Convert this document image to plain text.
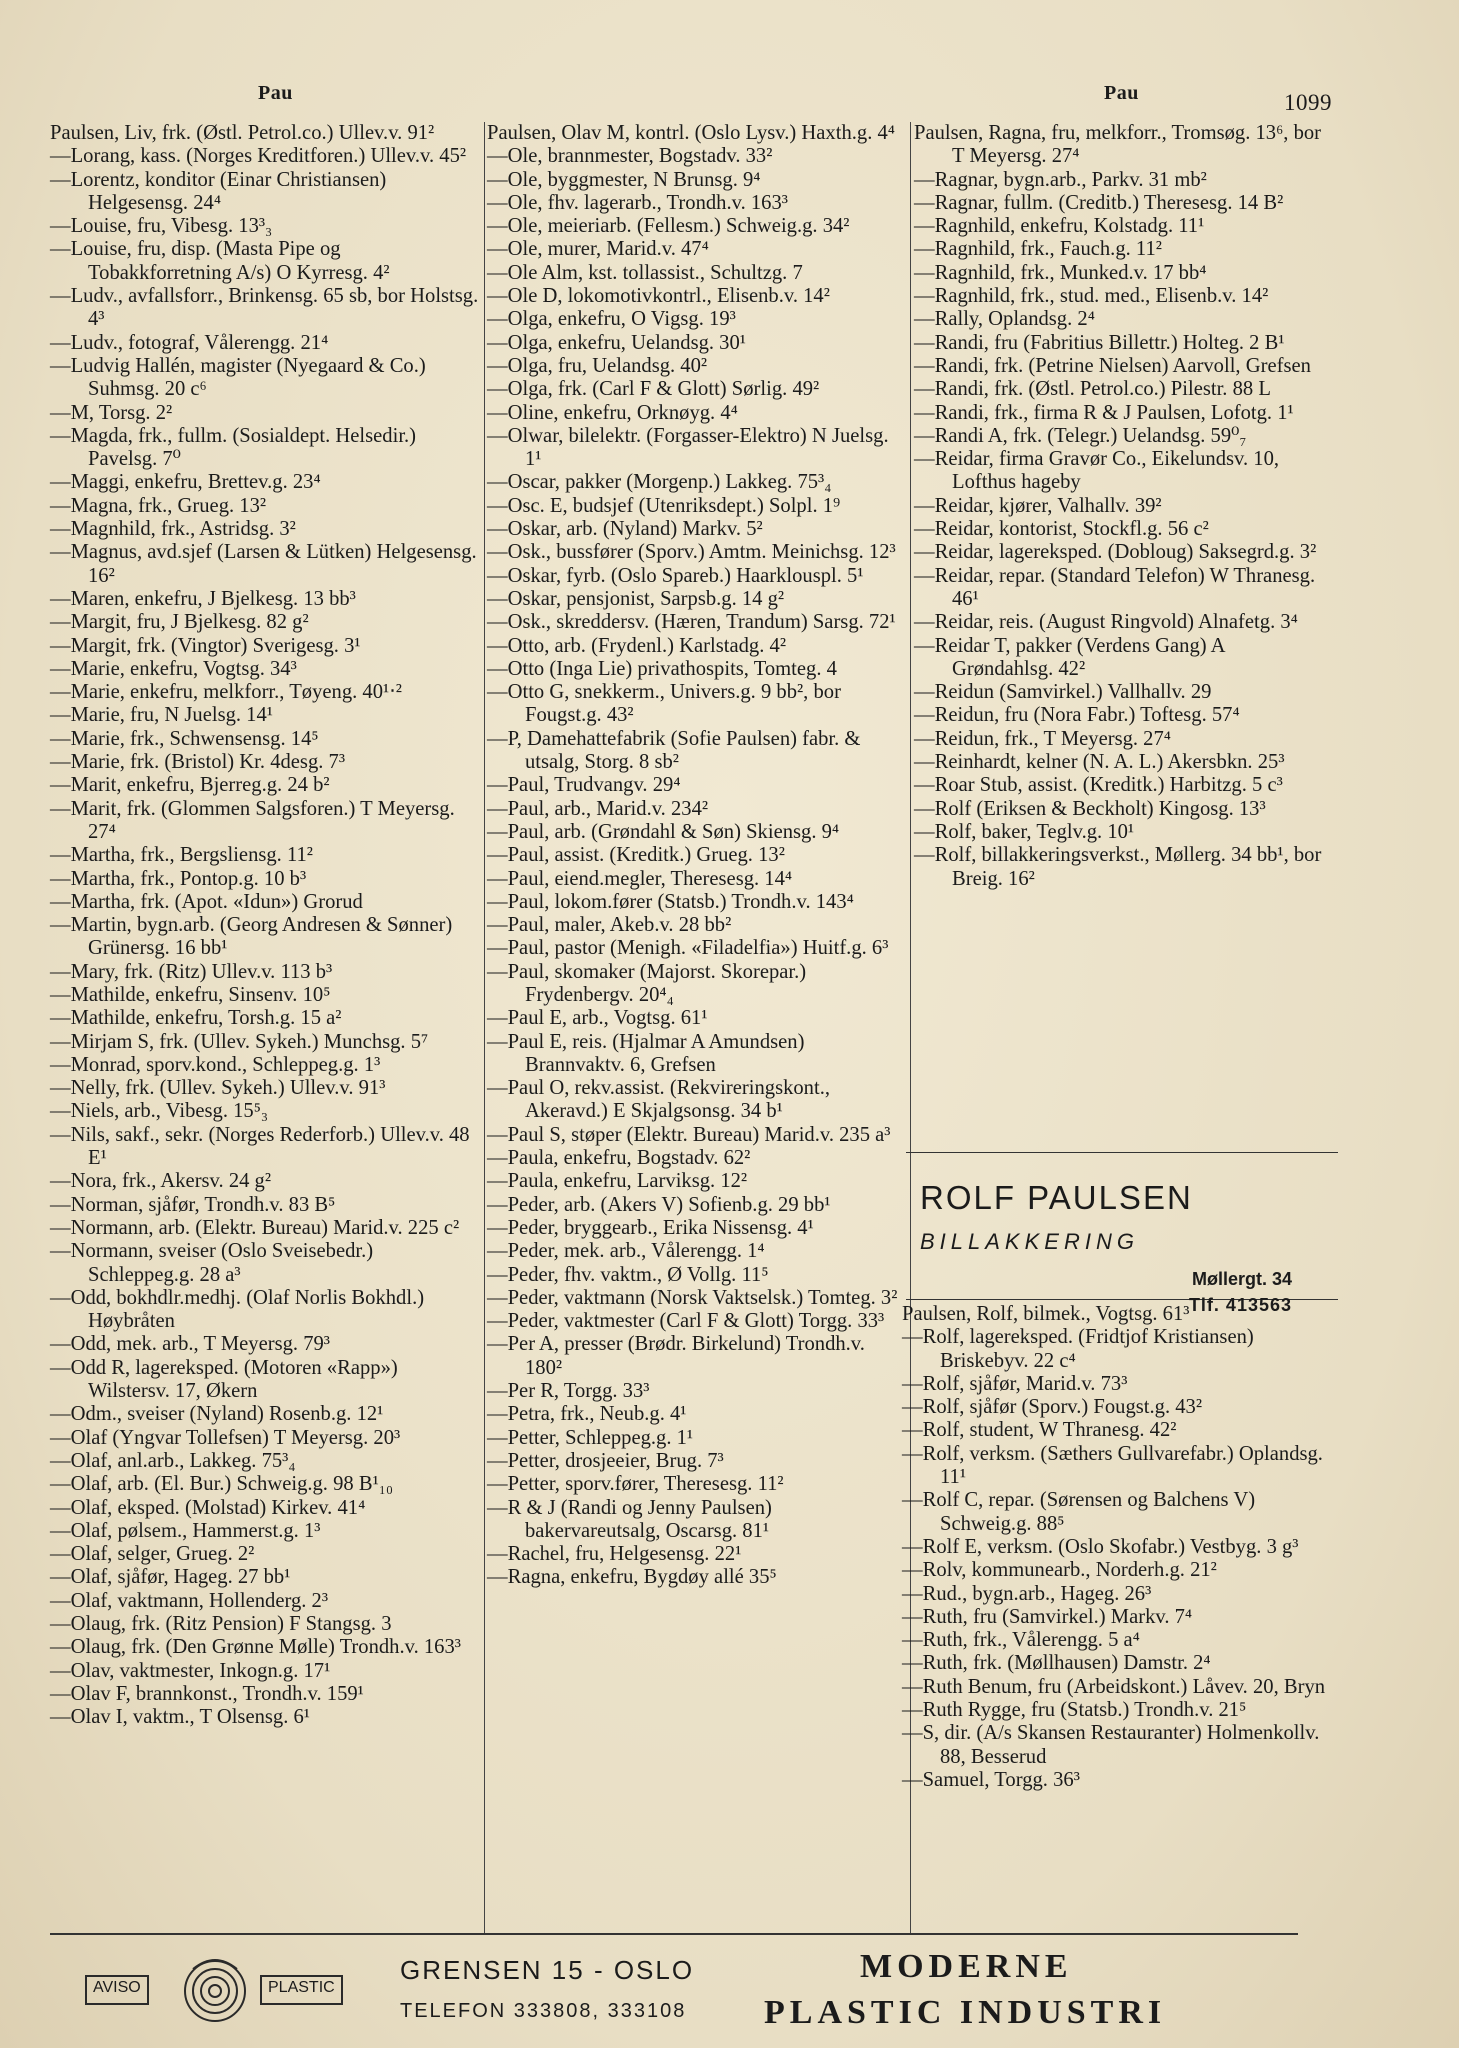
Pau	Pau	1099

Paulsen, Liv, frk. (Østl. Petrol.co.) Ullev.v. 91²

—Lorang, kass. (Norges Kreditforen.) Ullev.v. 45²

—Lorentz, konditor (Einar Christiansen) Helgesensg. 24⁴

—Louise, fru, Vibesg. 13³₃

—Louise, fru, disp. (Masta Pipe og Tobakkforretning A/s) O Kyrresg. 4²

—Ludv., avfallsforr., Brinkensg. 65 sb, bor Holstsg. 4³

—Ludv., fotograf, Vålerengg. 21⁴

—Ludvig Hallén, magister (Nyegaard & Co.) Suhmsg. 20 c⁶

—M, Torsg. 2²

—Magda, frk., fullm. (Sosialdept. Helsedir.) Pavelsg. 7⁰

—Maggi, enkefru, Brettev.g. 23⁴

—Magna, frk., Grueg. 13²

—Magnhild, frk., Astridsg. 3²

—Magnus, avd.sjef (Larsen & Lütken) Helgesensg. 16²

—Maren, enkefru, J Bjelkesg. 13 bb³

—Margit, fru, J Bjelkesg. 82 g²

—Margit, frk. (Vingtor) Sverigesg. 3¹

—Marie, enkefru, Vogtsg. 34³

—Marie, enkefru, melkforr., Tøyeng. 40¹‧²

—Marie, fru, N Juelsg. 14¹

—Marie, frk., Schwensensg. 14⁵

—Marie, frk. (Bristol) Kr. 4desg. 7³

—Marit, enkefru, Bjerreg.g. 24 b²

—Marit, frk. (Glommen Salgsforen.) T Meyersg. 27⁴

—Martha, frk., Bergsliensg. 11²

—Martha, frk., Pontop.g. 10 b³

—Martha, frk. (Apot. «Idun») Grorud

—Martin, bygn.arb. (Georg Andresen & Sønner) Grünersg. 16 bb¹

—Mary, frk. (Ritz) Ullev.v. 113 b³

—Mathilde, enkefru, Sinsenv. 10⁵

—Mathilde, enkefru, Torsh.g. 15 a²

—Mirjam S, frk. (Ullev. Sykeh.) Munchsg. 5⁷

—Monrad, sporv.kond., Schleppeg.g. 1³

—Nelly, frk. (Ullev. Sykeh.) Ullev.v. 91³

—Niels, arb., Vibesg. 15⁵₃

—Nils, sakf., sekr. (Norges Rederforb.) Ullev.v. 48 E¹

—Nora, frk., Akersv. 24 g²

—Norman, sjåfør, Trondh.v. 83 B⁵

—Normann, arb. (Elektr. Bureau) Marid.v. 225 c²

—Normann, sveiser (Oslo Sveisebedr.) Schleppeg.g. 28 a³

—Odd, bokhdlr.medhj. (Olaf Norlis Bokhdl.) Høybråten

—Odd, mek. arb., T Meyersg. 79³

—Odd R, lagereksped. (Motoren «Rapp») Wilstersv. 17, Økern

—Odm., sveiser (Nyland) Rosenb.g. 12¹

—Olaf (Yngvar Tollefsen) T Meyersg. 20³

—Olaf, anl.arb., Lakkeg. 75³₄

—Olaf, arb. (El. Bur.) Schweig.g. 98 B¹₁₀

—Olaf, eksped. (Molstad) Kirkev. 41⁴

—Olaf, pølsem., Hammerst.g. 1³

—Olaf, selger, Grueg. 2²

—Olaf, sjåfør, Hageg. 27 bb¹

—Olaf, vaktmann, Hollenderg. 2³

—Olaug, frk. (Ritz Pension) F Stangsg. 3

—Olaug, frk. (Den Grønne Mølle) Trondh.v. 163³

—Olav, vaktmester, Inkogn.g. 17¹

—Olav F, brannkonst., Trondh.v. 159¹

—Olav I, vaktm., T Olsensg. 6¹

Paulsen, Olav M, kontrl. (Oslo Lysv.) Haxth.g. 4⁴

—Ole, brannmester, Bogstadv. 33²

—Ole, byggmester, N Brunsg. 9⁴

—Ole, fhv. lagerarb., Trondh.v. 163³

—Ole, meieriarb. (Fellesm.) Schweig.g. 34²

—Ole, murer, Marid.v. 47⁴

—Ole Alm, kst. tollassist., Schultzg. 7

—Ole D, lokomotivkontrl., Elisenb.v. 14²

—Olga, enkefru, O Vigsg. 19³

—Olga, enkefru, Uelandsg. 30¹

—Olga, fru, Uelandsg. 40²

—Olga, frk. (Carl F & Glott) Sørlig. 49²

—Oline, enkefru, Orknøyg. 4⁴

—Olwar, bilelektr. (Forgasser-Elektro) N Juelsg. 1¹

—Oscar, pakker (Morgenp.) Lakkeg. 75³₄

—Osc. E, budsjef (Utenriksdept.) Solpl. 1⁹

—Oskar, arb. (Nyland) Markv. 5²

—Osk., bussfører (Sporv.) Amtm. Meinichsg. 12³

—Oskar, fyrb. (Oslo Spareb.) Haarklouspl. 5¹

—Oskar, pensjonist, Sarpsb.g. 14 g²

—Osk., skreddersv. (Hæren, Trandum) Sarsg. 72¹

—Otto, arb. (Frydenl.) Karlstadg. 4²

—Otto (Inga Lie) privathospits, Tomteg. 4

—Otto G, snekkerm., Univers.g. 9 bb², bor Fougst.g. 43²

—P, Damehattefabrik (Sofie Paulsen) fabr. & utsalg, Storg. 8 sb²

—Paul, Trudvangv. 29⁴

—Paul, arb., Marid.v. 234²

—Paul, arb. (Grøndahl & Søn) Skiensg. 9⁴

—Paul, assist. (Kreditk.) Grueg. 13²

—Paul, eiend.megler, Theresesg. 14⁴

—Paul, lokom.fører (Statsb.) Trondh.v. 143⁴

—Paul, maler, Akeb.v. 28 bb²

—Paul, pastor (Menigh. «Filadelfia») Huitf.g. 6³

—Paul, skomaker (Majorst. Skorepar.) Frydenbergv. 20⁴₄

—Paul E, arb., Vogtsg. 61¹

—Paul E, reis. (Hjalmar A Amundsen) Brannvaktv. 6, Grefsen

—Paul O, rekv.assist. (Rekvireringskont., Akeravd.) E Skjalgsonsg. 34 b¹

—Paul S, støper (Elektr. Bureau) Marid.v. 235 a³

—Paula, enkefru, Bogstadv. 62²

—Paula, enkefru, Larviksg. 12²

—Peder, arb. (Akers V) Sofienb.g. 29 bb¹

—Peder, bryggearb., Erika Nissensg. 4¹

—Peder, mek. arb., Vålerengg. 1⁴

—Peder, fhv. vaktm., Ø Vollg. 11⁵

—Peder, vaktmann (Norsk Vaktselsk.) Tomteg. 3²

—Peder, vaktmester (Carl F & Glott) Torgg. 33³

—Per A, presser (Brødr. Birkelund) Trondh.v. 180²

—Per R, Torgg. 33³

—Petra, frk., Neub.g. 4¹

—Petter, Schleppeg.g. 1¹

—Petter, drosjeeier, Brug. 7³

—Petter, sporv.fører, Theresesg. 11²

—R & J (Randi og Jenny Paulsen) bakervareutsalg, Oscarsg. 81¹

—Rachel, fru, Helgesensg. 22¹

—Ragna, enkefru, Bygdøy allé 35⁵

Paulsen, Ragna, fru, melkforr., Tromsøg. 13⁶, bor T Meyersg. 27⁴

—Ragnar, bygn.arb., Parkv. 31 mb²

—Ragnar, fullm. (Creditb.) Theresesg. 14 B²

—Ragnhild, enkefru, Kolstadg. 11¹

—Ragnhild, frk., Fauch.g. 11²

—Ragnhild, frk., Munked.v. 17 bb⁴

—Ragnhild, frk., stud. med., Elisenb.v. 14²

—Rally, Oplandsg. 2⁴

—Randi, fru (Fabritius Billettr.) Holteg. 2 B¹

—Randi, frk. (Petrine Nielsen) Aarvoll, Grefsen

—Randi, frk. (Østl. Petrol.co.) Pilestr. 88 L

—Randi, frk., firma R & J Paulsen, Lofotg. 1¹

—Randi A, frk. (Telegr.) Uelandsg. 59⁰₇

—Reidar, firma Gravør Co., Eikelundsv. 10, Lofthus hageby

—Reidar, kjører, Valhallv. 39²

—Reidar, kontorist, Stockfl.g. 56 c²

—Reidar, lagereksped. (Dobloug) Saksegrd.g. 3²

—Reidar, repar. (Standard Telefon) W Thranesg. 46¹

—Reidar, reis. (August Ringvold) Alnafetg. 3⁴

—Reidar T, pakker (Verdens Gang) A Grøndahlsg. 42²

—Reidun (Samvirkel.) Vallhallv. 29

—Reidun, fru (Nora Fabr.) Toftesg. 57⁴

—Reidun, frk., T Meyersg. 27⁴

—Reinhardt, kelner (N. A. L.) Akersbkn. 25³

—Roar Stub, assist. (Kreditk.) Harbitzg. 5 c³

—Rolf (Eriksen & Beckholt) Kingosg. 13³

—Rolf, baker, Teglv.g. 10¹

—Rolf, billakkeringsverkst., Møllerg. 34 bb¹, bor Breig. 16²

ROLF PAULSEN
BILLAKKERING
Møllergt. 34
Tlf. 413563

Paulsen, Rolf, bilmek., Vogtsg. 61³

—Rolf, lagereksped. (Fridtjof Kristiansen) Briskebyv. 22 c⁴

—Rolf, sjåfør, Marid.v. 73³

—Rolf, sjåfør (Sporv.) Fougst.g. 43²

—Rolf, student, W Thranesg. 42²

—Rolf, verksm. (Sæthers Gullvarefabr.) Oplandsg. 11¹

—Rolf C, repar. (Sørensen og Balchens V) Schweig.g. 88⁵

—Rolf E, verksm. (Oslo Skofabr.) Vestbyg. 3 g³

—Rolv, kommunearb., Norderh.g. 21²

—Rud., bygn.arb., Hageg. 26³

—Ruth, fru (Samvirkel.) Markv. 7⁴

—Ruth, frk., Vålerengg. 5 a⁴

—Ruth, frk. (Møllhausen) Damstr. 2⁴

—Ruth Benum, fru (Arbeidskont.) Låvev. 20, Bryn

—Ruth Rygge, fru (Statsb.) Trondh.v. 21⁵

—S, dir. (A/s Skansen Restauranter) Holmenkollv. 88, Besserud

—Samuel, Torgg. 36³

AVISO	PLASTIC
GRENSEN 15 - OSLO
TELEFON 333808, 333108
MODERNE
PLASTIC INDUSTRI
